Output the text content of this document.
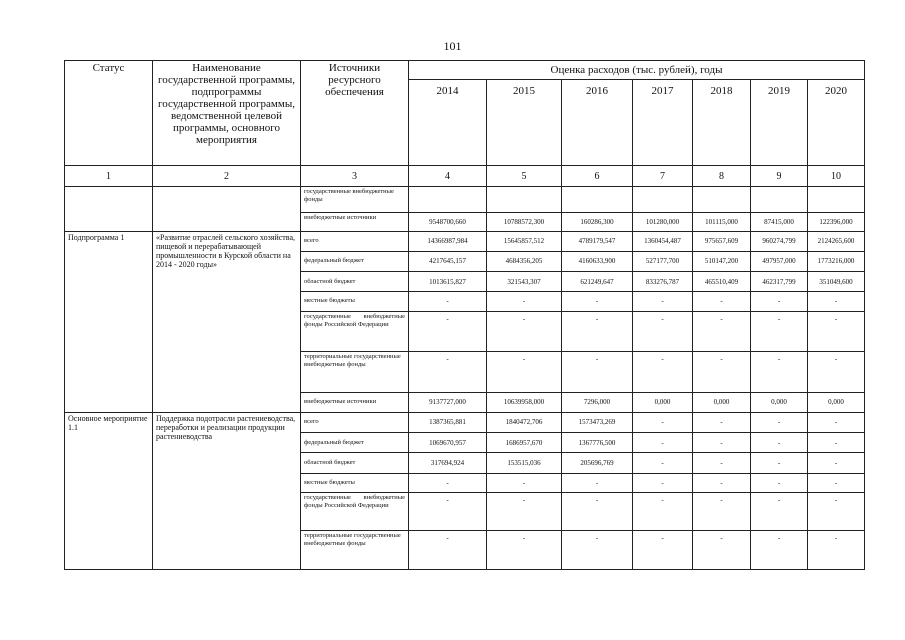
101
Статус	Наименование государственной программы, подпрограммы государственной программы, ведомственной целевой программы, основного мероприятия	Источники ресурсного обеспечения	Оценка расходов (тыс. рублей), годы						
			2014	2015	2016	2017	2018	2019	2020
1	2	3	4	5	6	7	8	9	10
		государственные внебюджетные фонды							
		внебюджетные источники	9548700,660	10788572,300	160286,300	101280,000	101115,000	87415,000	122396,000
Подпрограмма 1	«Развитие отраслей сельского хозяйства, пищевой и перерабатывающей промышленности в Курской области на 2014 - 2020 годы»	всего	14366987,984	15645857,512	4789179,547	1360454,487	975657,609	960274,799	2124265,600
		федеральный бюджет	4217645,157	4684356,205	4160633,900	527177,700	510147,200	497957,000	1773216,000
		областной бюджет	1013615,827	321543,307	621249,647	833276,787	465510,409	462317,799	351049,600
		местные бюджеты	-	-	-	-	-	-	-
		государственные внебюджетные фонды Российской Федерации	-	-	-	-	-	-	-
		территориальные государственные внебюджетные фонды	-	-	-	-	-	-	-
		внебюджетные источники	9137727,000	10639958,000	7296,000	0,000	0,000	0,000	0,000
Основное мероприятие 1.1	Поддержка подотрасли растениеводства, переработки и реализации продукции растениеводства	всего	1387365,881	1840472,706	1573473,269	-	-	-	-
		федеральный бюджет	1069670,957	1686957,670	1367776,500	-	-	-	-
		областной бюджет	317694,924	153515,036	205696,769	-	-	-	-
		местные бюджеты	-	-	-	-	-	-	-
		государственные внебюджетные фонды Российской Федерации	-	-	-	-	-	-	-
		территориальные государственные внебюджетные фонды	-	-	-	-	-	-	-
